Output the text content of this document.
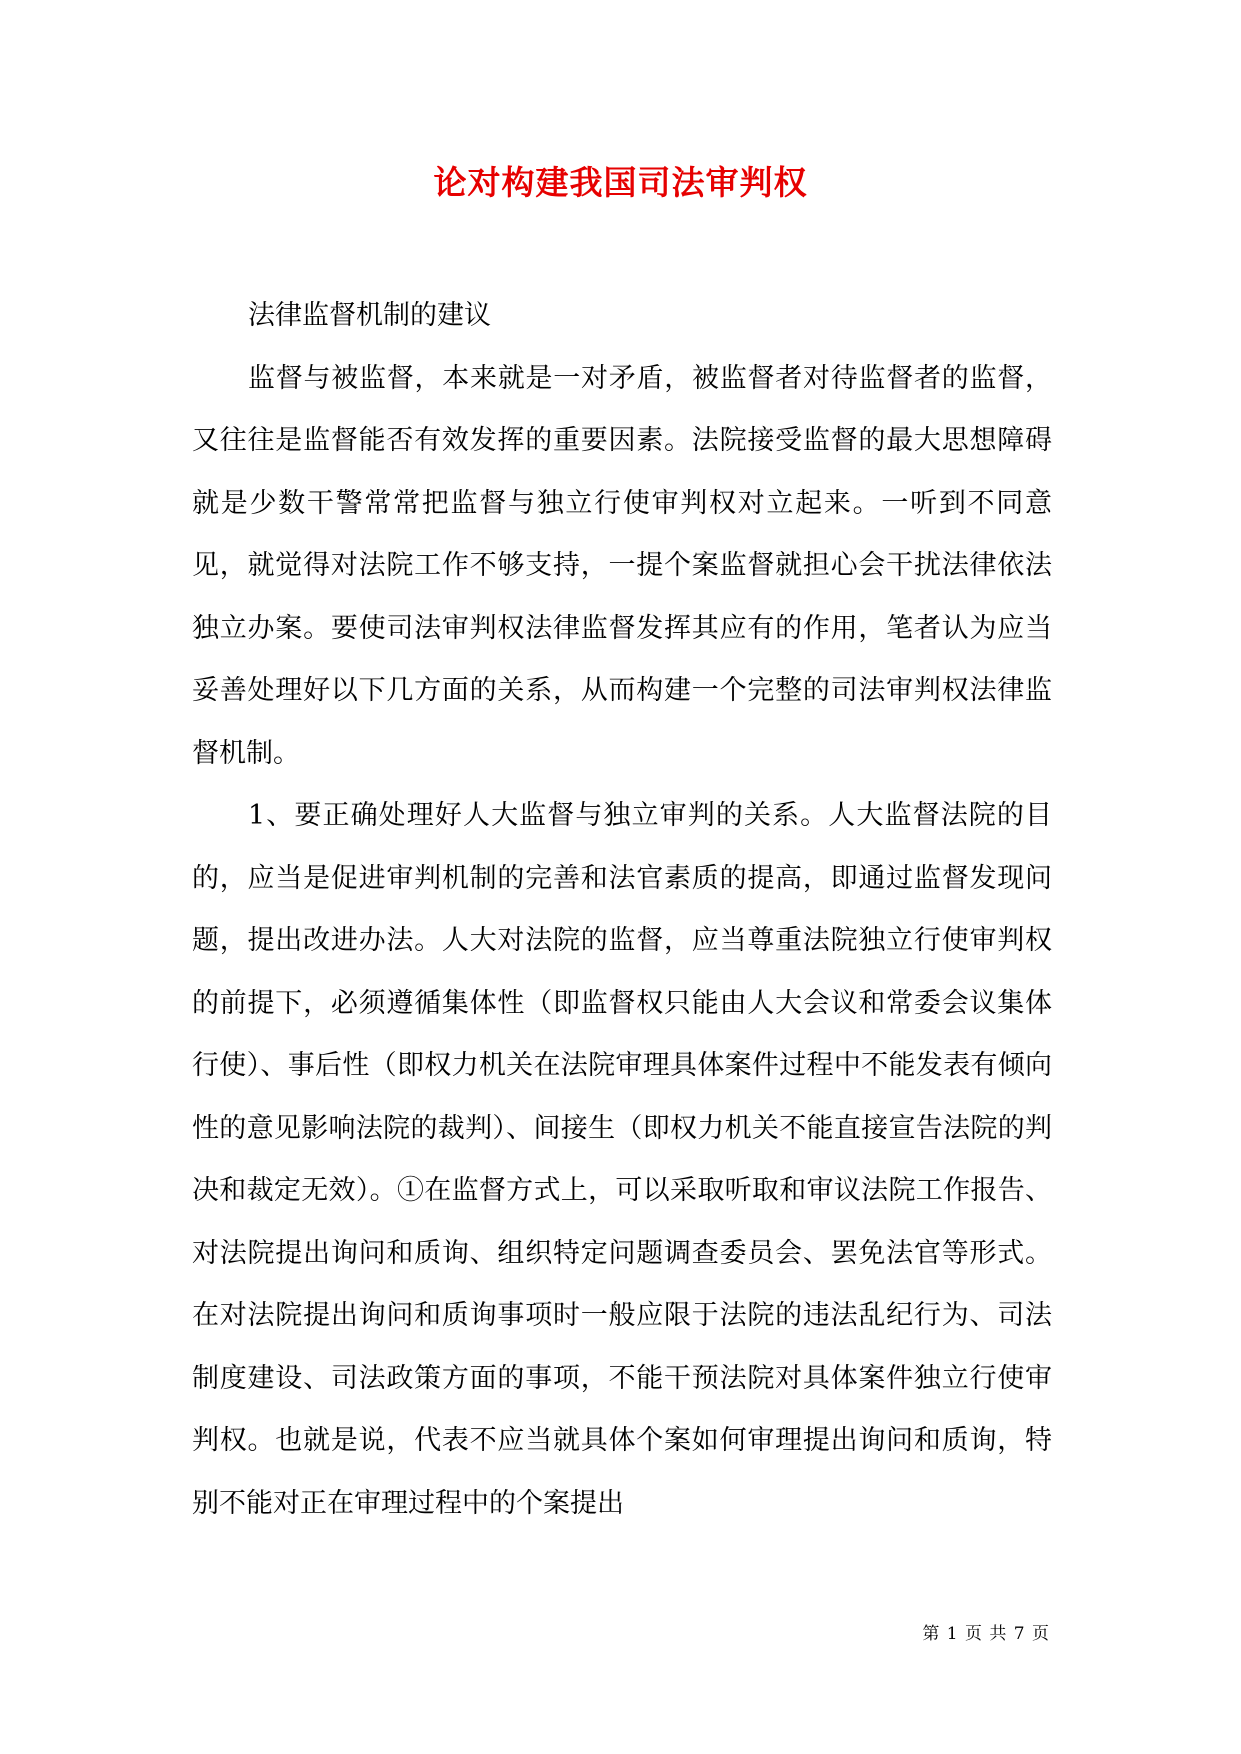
论对构建我国司法审判权

法律监督机制的建议

监督与被监督，本来就是一对矛盾，被监督者对待监督者的监督，又往往是监督能否有效发挥的重要因素。法院接受监督的最大思想障碍就是少数干警常常把监督与独立行使审判权对立起来。一听到不同意见，就觉得对法院工作不够支持，一提个案监督就担心会干扰法律依法独立办案。要使司法审判权法律监督发挥其应有的作用，笔者认为应当妥善处理好以下几方面的关系，从而构建一个完整的司法审判权法律监督机制。

1、要正确处理好人大监督与独立审判的关系。人大监督法院的目的，应当是促进审判机制的完善和法官素质的提高，即通过监督发现问题，提出改进办法。人大对法院的监督，应当尊重法院独立行使审判权的前提下，必须遵循集体性（即监督权只能由人大会议和常委会议集体行使）、事后性（即权力机关在法院审理具体案件过程中不能发表有倾向性的意见影响法院的裁判）、间接生（即权力机关不能直接宣告法院的判决和裁定无效）。①在监督方式上，可以采取听取和审议法院工作报告、对法院提出询问和质询、组织特定问题调查委员会、罢免法官等形式。在对法院提出询问和质询事项时一般应限于法院的违法乱纪行为、司法制度建设、司法政策方面的事项，不能干预法院对具体案件独立行使审判权。也就是说，代表不应当就具体个案如何审理提出询问和质询，特别不能对正在审理过程中的个案提出

第 1 页 共 7 页
